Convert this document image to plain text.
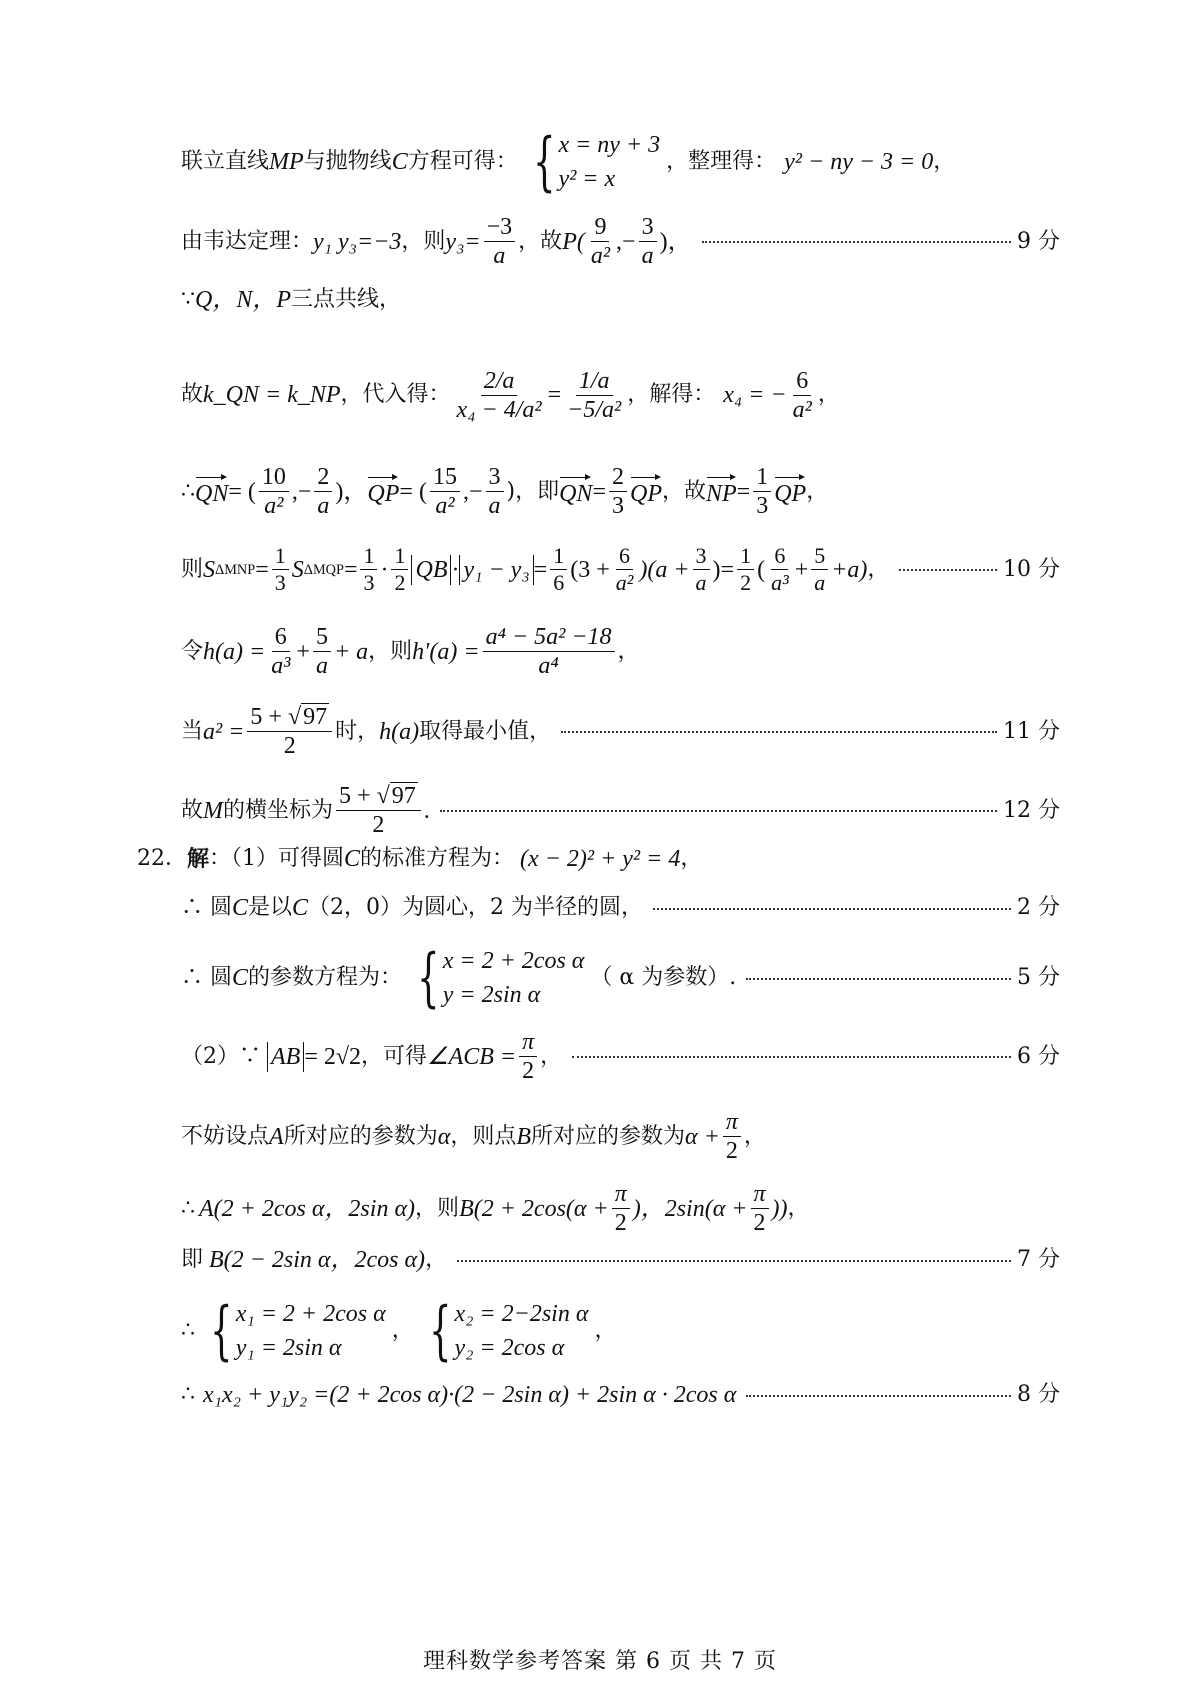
联立直线 MP 与抛物线 C 方程可得： { x = ny + 3
y² = x
，整理得： y² − ny − 3 = 0 ，
由韦达定理： y₁ y₃=−3 ，则 $y_3= \frac{-3}{a}$ ，故 $P( \frac{9}{\text{a²}}$ ,− $\frac{3}{a}$ )，	9 分
∵ Q，N，P 三点共线，
故 k_QN = k_NP ，代入得： $\frac{2/a}{\text{x₄ − 4/a²}} = \frac{1/a}{\text{−5/a²}}$ ，解得： x₄ = − $\frac{6}{\text{a²}}$ ，
∴ QN = ( $\frac{10}{\text{a²}}$ ,− $\frac{2}{a}$ )， QP = ( $\frac{15}{\text{a²}}$ ,− $\frac{3}{a}$ )，即 QN = $\frac{2}{3}$ QP ，故 NP = $\frac{1}{3}$ QP ，
则 S $\Delta MNP = \frac{1}{3}$ S $\Delta MQP = \frac{1}{3} \cdot \frac{1}{2}$ QB · $y_1 - y_3 = \frac{1}{6} (3 + \frac{6}{\text{a²}} )(a + \frac{3}{a}$ )= $\frac{1}{2}$ ( $\frac{6}{\text{a³}} + \frac{5}{a} +a$) ，	10 分
令 $h(a) = \frac{6}{\text{a³}} + \frac{5}{a} + a$ ，则 $h'(a) = \frac{\text{a⁴ − 5a² −18}}{\text{a⁴}}$ ，
当 $a^2 = \frac{5 + √97}{2}$ 时， h(a) 取得最小值，	11 分
故 M 的横坐标为 $\frac{5 + √97}{2}$ .	12 分
22． 解 ：（1）可得圆 C 的标准方程为： (x − 2)² + y² = 4 ，
∴ 圆 C 是以 C （2，0）为圆心，2 为半径的圆，	2 分
∴ 圆 C 的参数方程为： { x = 2 + 2cos α
y = 2sin α
（ α 为参数）.	5 分
（2）∵ AB = 2√2 ，可得 ∠ACB = $\frac{\pi}{2}$ ，	6 分
不妨设点 A 所对应的参数为 α ，则点 B 所对应的参数为 $\alpha + \frac{\pi}{2}$ ，
∴ A(2 + 2cos α，2sin α) ，则 $B(2 + 2\cos(\alpha + \frac{\pi}{2}$ )，$2\sin(\alpha + \frac{\pi}{2}$ )) ，
即 B(2 − 2sin α，2cos α) ，	7 分
∴ { x₁ = 2 + 2cos α
y₁ = 2sin α
， { x₂ = 2−2sin α
y₂ = 2cos α
，
∴ x₁x₂ + y₁y₂ =(2 + 2cos α)·(2 − 2sin α) + 2sin α · 2cos α	8 分
理科数学参考答案 第 6 页 共 7 页
